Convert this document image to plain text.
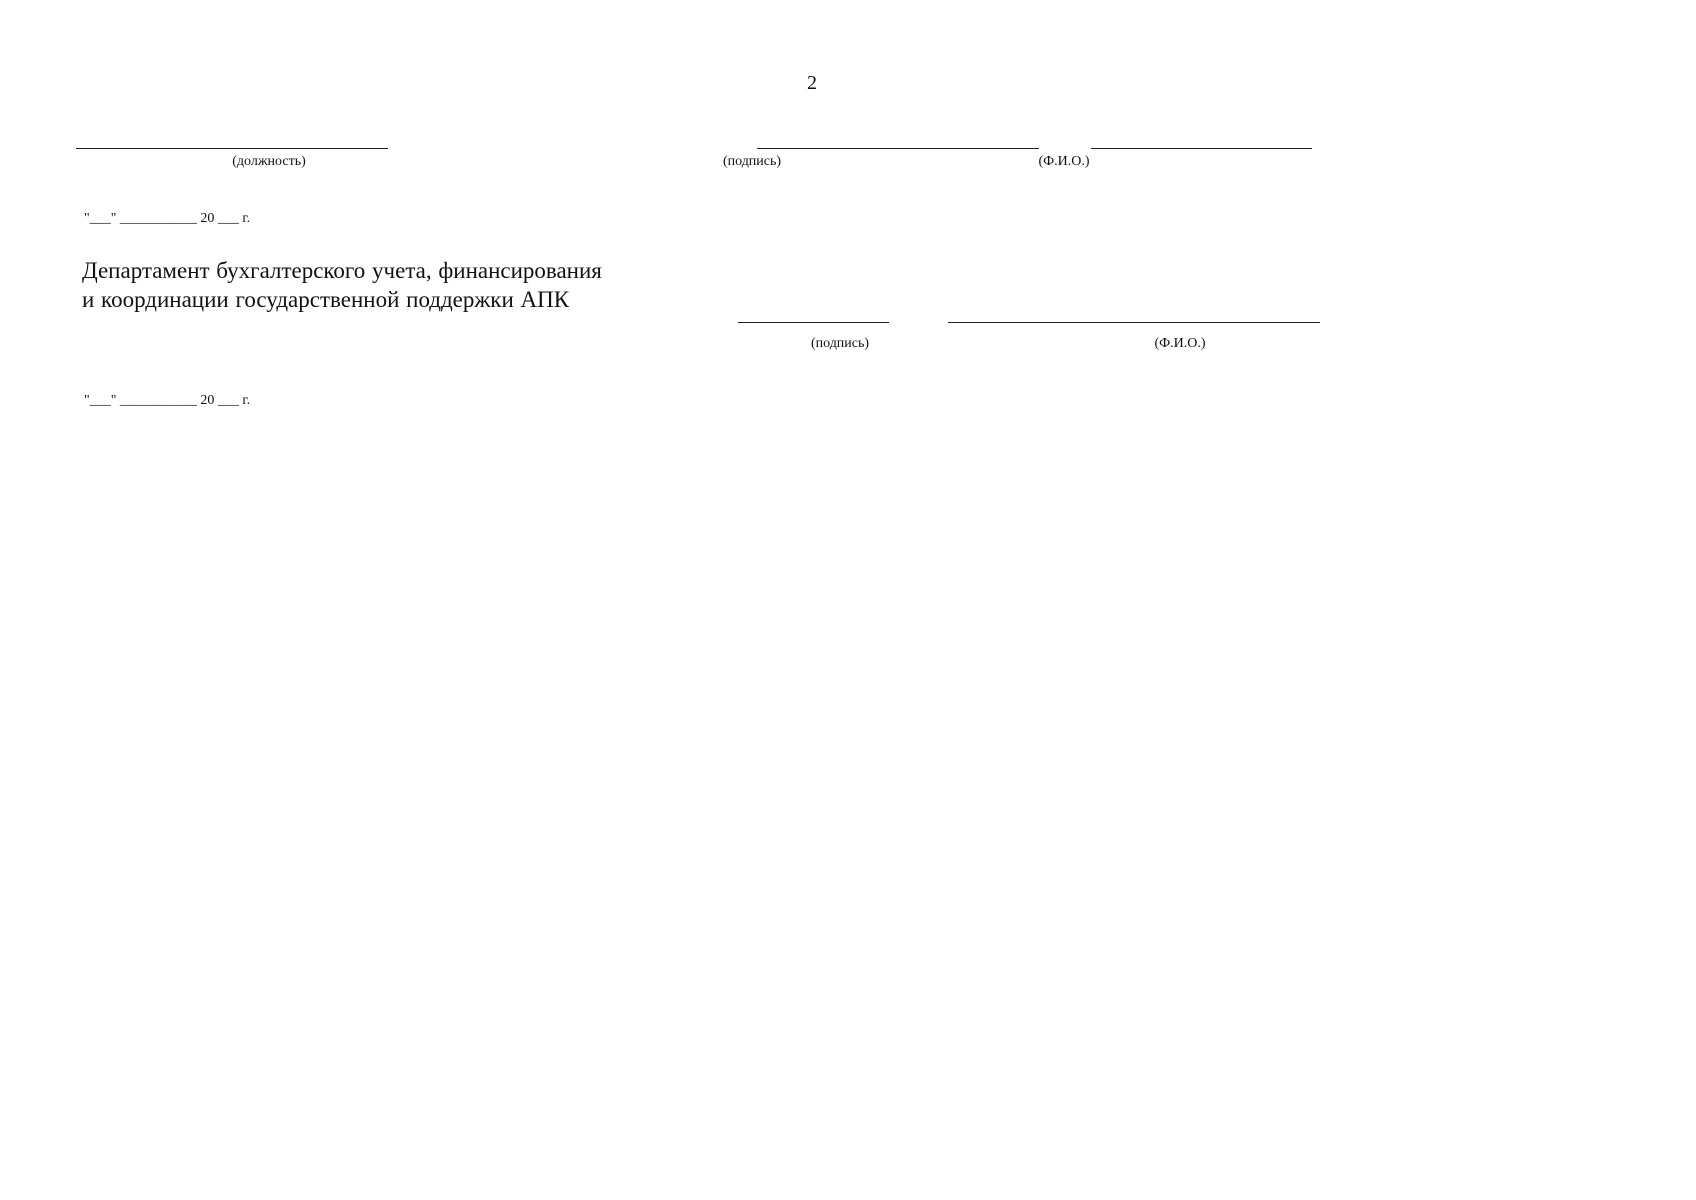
2
(должность)	(подпись)	(Ф.И.О.)
"___" ___________ 20 ___ г.
Департамент бухгалтерского учета, финансирования
и координации государственной поддержки АПК
(подпись)	(Ф.И.О.)
"___" ___________ 20 ___ г.
